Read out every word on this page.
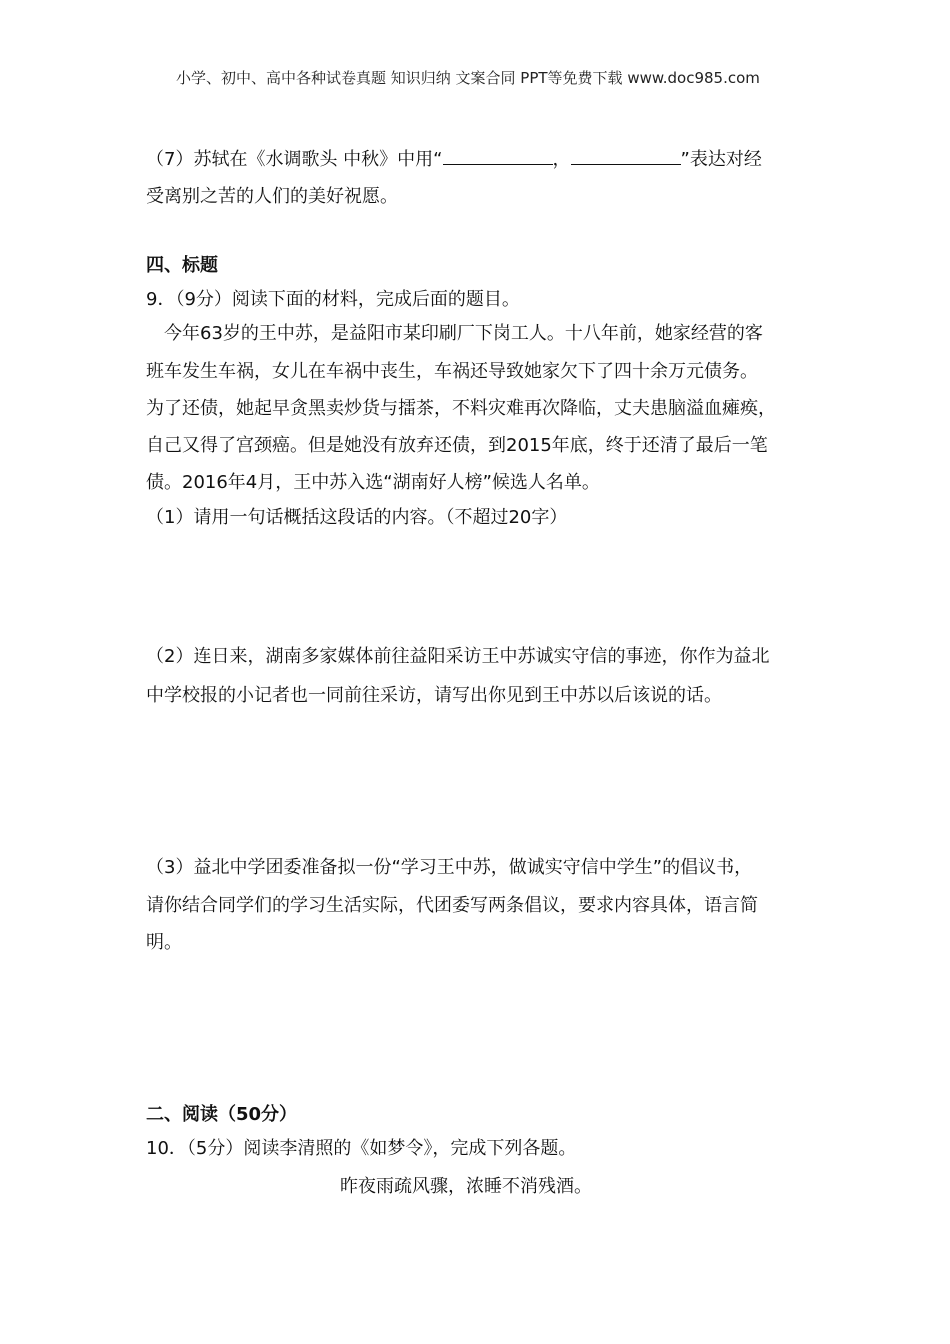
小学、初中、高中各种试卷真题 知识归纳 文案合同 PPT等免费下载 www.doc985.com
（7）苏轼在《水调歌头 中秋》中用“	，	”表达对经
受离别之苦的人们的美好祝愿。
四、标题
9．（9分）阅读下面的材料，完成后面的题目。
今年63岁的王中苏，是益阳市某印刷厂下岗工人。十八年前，她家经营的客
班车发生车祸，女儿在车祸中丧生，车祸还导致她家欠下了四十余万元债务。
为了还债，她起早贪黑卖炒货与擂茶，不料灾难再次降临，丈夫患脑溢血瘫痪，
自己又得了宫颈癌。但是她没有放弃还债，到2015年底，终于还清了最后一笔
债。2016年4月，王中苏入选“湖南好人榜”候选人名单。
（1）请用一句话概括这段话的内容。（不超过20字）
（2）连日来，湖南多家媒体前往益阳采访王中苏诚实守信的事迹，你作为益北
中学校报的小记者也一同前往采访，请写出你见到王中苏以后该说的话。
（3）益北中学团委准备拟一份“学习王中苏，做诚实守信中学生”的倡议书，
请你结合同学们的学习生活实际，代团委写两条倡议，要求内容具体，语言简
明。
二、阅读（50分）
10．（5分）阅读李清照的《如梦令》，完成下列各题。
昨夜雨疏风骤，浓睡不消残酒。
